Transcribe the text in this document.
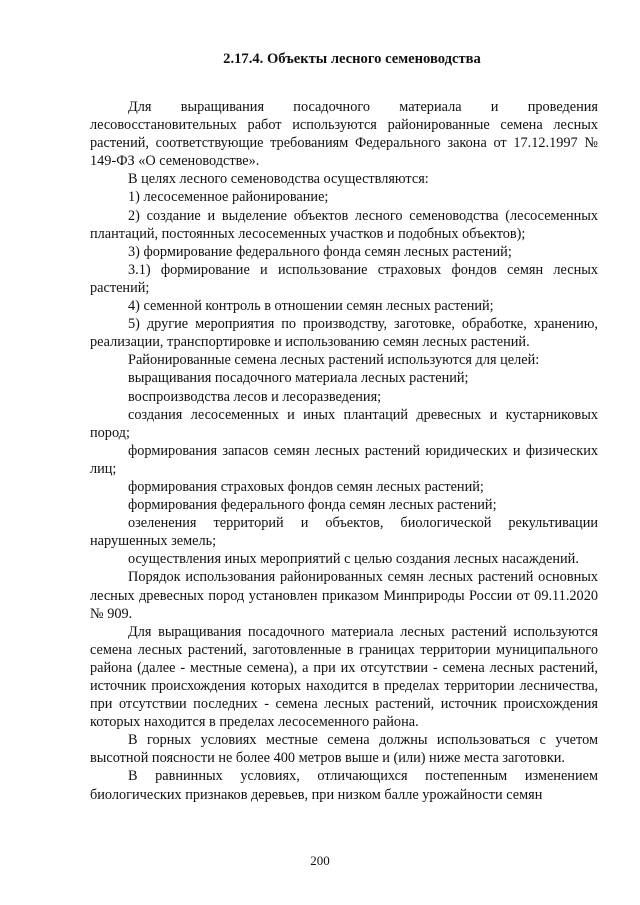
2.17.4. Объекты лесного семеноводства

Для выращивания посадочного материала и проведения лесовосстановительных работ используются районированные семена лесных растений, соответствующие требованиям Федерального закона от 17.12.1997 № 149-ФЗ «О семеноводстве».

В целях лесного семеноводства осуществляются:

1) лесосеменное районирование;

2) создание и выделение объектов лесного семеноводства (лесосеменных плантаций, постоянных лесосеменных участков и подобных объектов);

3) формирование федерального фонда семян лесных растений;

3.1) формирование и использование страховых фондов семян лесных растений;

4) семенной контроль в отношении семян лесных растений;

5) другие мероприятия по производству, заготовке, обработке, хранению, реализации, транспортировке и использованию семян лесных растений.

Районированные семена лесных растений используются для целей:

выращивания посадочного материала лесных растений;

воспроизводства лесов и лесоразведения;

создания лесосеменных и иных плантаций древесных и кустарниковых пород;

формирования запасов семян лесных растений юридических и физических лиц;

формирования страховых фондов семян лесных растений;

формирования федерального фонда семян лесных растений;

озеленения территорий и объектов, биологической рекультивации нарушенных земель;

осуществления иных мероприятий с целью создания лесных насаждений.

Порядок использования районированных семян лесных растений основных лесных древесных пород установлен приказом Минприроды России от 09.11.2020 № 909.

Для выращивания посадочного материала лесных растений используются семена лесных растений, заготовленные в границах территории муниципального района (далее - местные семена), а при их отсутствии - семена лесных растений, источник происхождения которых находится в пределах территории лесничества, при отсутствии последних - семена лесных растений, источник происхождения которых находится в пределах лесосеменного района.

В горных условиях местные семена должны использоваться с учетом высотной поясности не более 400 метров выше и (или) ниже места заготовки.

В равнинных условиях, отличающихся постепенным изменением биологических признаков деревьев, при низком балле урожайности семян

200
